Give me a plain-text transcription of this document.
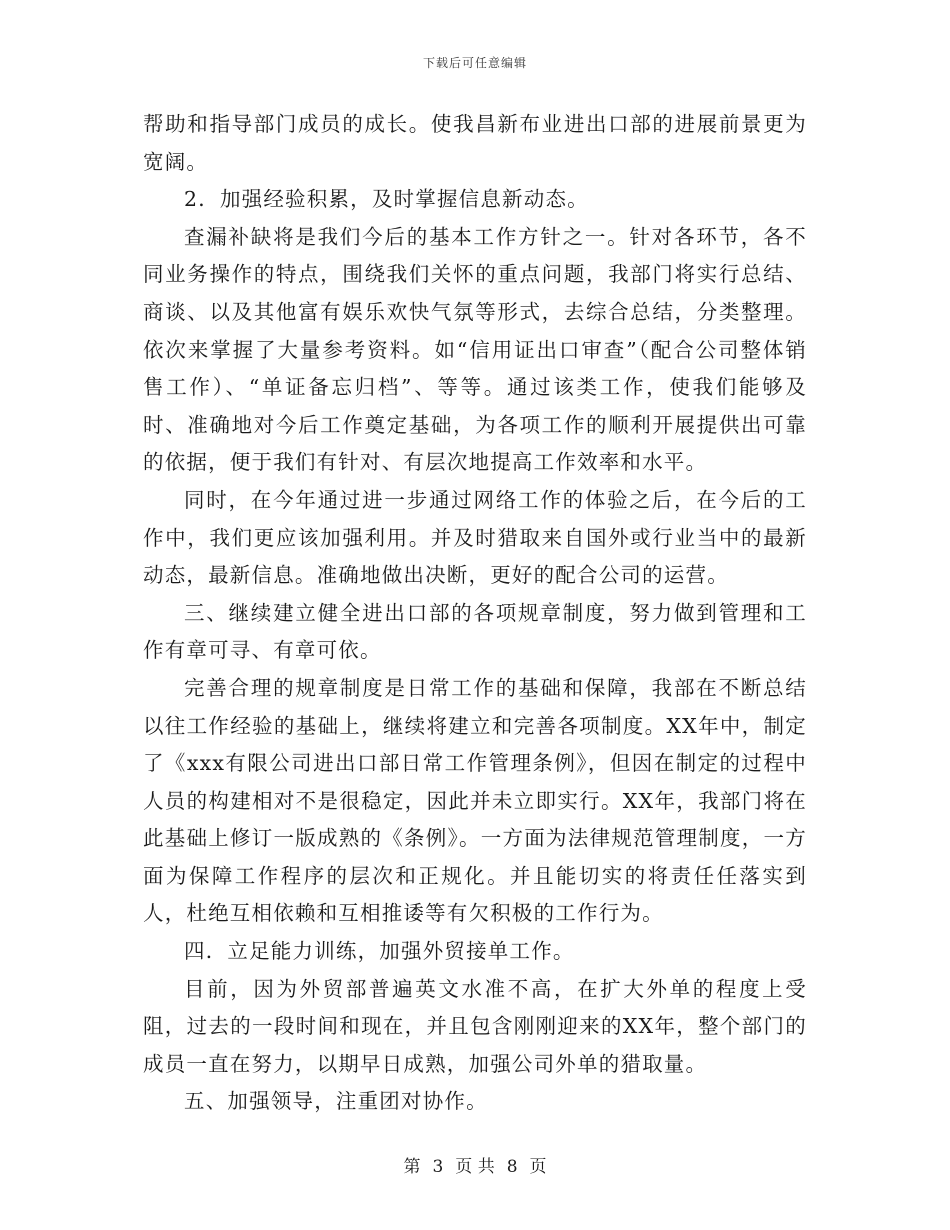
下载后可任意编辑

帮助和指导部门成员的成长。使我昌新布业进出口部的进展前景更为宽阔。

2．加强经验积累，及时掌握信息新动态。

查漏补缺将是我们今后的基本工作方针之一。针对各环节，各不同业务操作的特点，围绕我们关怀的重点问题，我部门将实行总结、商谈、以及其他富有娱乐欢快气氛等形式，去综合总结，分类整理。依次来掌握了大量参考资料。如“信用证出口审查”（配合公司整体销售工作）、“单证备忘归档”、等等。通过该类工作，使我们能够及时、准确地对今后工作奠定基础，为各项工作的顺利开展提供出可靠的依据，便于我们有针对、有层次地提高工作效率和水平。

同时，在今年通过进一步通过网络工作的体验之后，在今后的工作中，我们更应该加强利用。并及时猎取来自国外或行业当中的最新动态，最新信息。准确地做出决断，更好的配合公司的运营。

三、继续建立健全进出口部的各项规章制度，努力做到管理和工作有章可寻、有章可依。

完善合理的规章制度是日常工作的基础和保障，我部在不断总结以往工作经验的基础上，继续将建立和完善各项制度。XX年中，制定了《xxx有限公司进出口部日常工作管理条例》，但因在制定的过程中人员的构建相对不是很稳定，因此并未立即实行。XX年，我部门将在此基础上修订一版成熟的《条例》。一方面为法律规范管理制度，一方面为保障工作程序的层次和正规化。并且能切实的将责任任落实到人，杜绝互相依赖和互相推诿等有欠积极的工作行为。

四．立足能力训练，加强外贸接单工作。

目前，因为外贸部普遍英文水准不高，在扩大外单的程度上受阻，过去的一段时间和现在，并且包含刚刚迎来的XX年，整个部门的成员一直在努力，以期早日成熟，加强公司外单的猎取量。

五、加强领导，注重团对协作。

第 3 页 共 8 页
